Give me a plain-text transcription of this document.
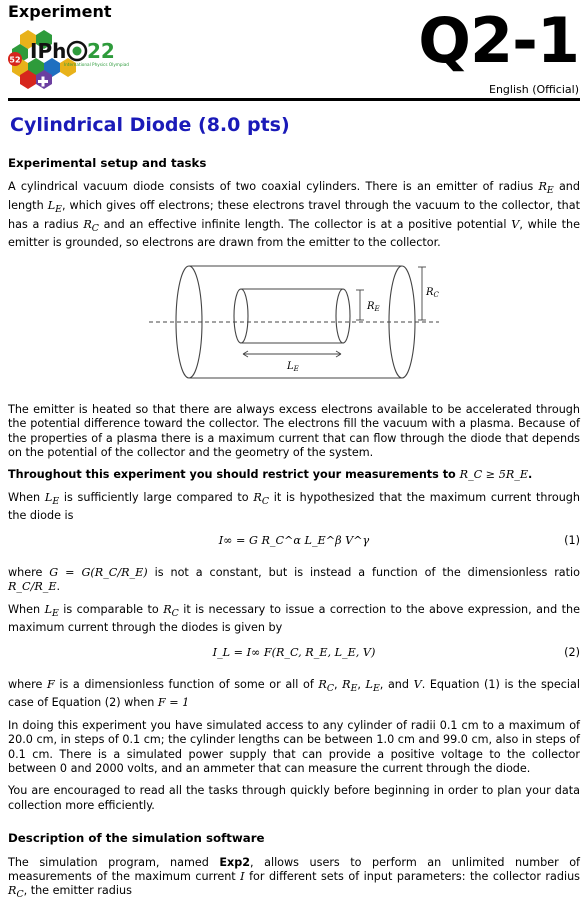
Experiment
52 IPh 22
International Physics Olympiad	Q2-1
English (Official)
Cylindrical Diode (8.0 pts)
Experimental setup and tasks

A cylindrical vacuum diode consists of two coaxial cylinders. There is an emitter of radius $R_E$ and length $L_E$, which gives off electrons; these electrons travel through the vacuum to the collector, that has a radius $R_C$ and an effective infinite length. The collector is at a positive potential V, while the emitter is grounded, so electrons are drawn from the emitter to the collector.

$R_E$
$R_C$
$L_E$

The emitter is heated so that there are always excess electrons available to be accelerated through the potential difference toward the collector. The electrons fill the vacuum with a plasma. Because of the properties of a plasma there is a maximum current that can flow through the diode that depends on the potential of the collector and the geometry of the system.

Throughout this experiment you should restrict your measurements to R_C ≥ 5R_E.

When $L_E$ is sufficiently large compared to $R_C$ it is hypothesized that the maximum current through the diode is

I∞ = G R_C^α L_E^β V^γ	(1)

where G = G(R_C/R_E) is not a constant, but is instead a function of the dimensionless ratio R_C/R_E.

When $L_E$ is comparable to $R_C$ it is necessary to issue a correction to the above expression, and the maximum current through the diodes is given by

I_L = I∞ F(R_C, R_E, L_E, V)	(2)

where F is a dimensionless function of some or all of $R_C$, $R_E$, $L_E$, and V. Equation (1) is the special case of Equation (2) when F = 1

In doing this experiment you have simulated access to any cylinder of radii 0.1 cm to a maximum of 20.0 cm, in steps of 0.1 cm; the cylinder lengths can be between 1.0 cm and 99.0 cm, also in steps of 0.1 cm. There is a simulated power supply that can provide a positive voltage to the collector between 0 and 2000 volts, and an ammeter that can measure the current through the diode.

You are encouraged to read all the tasks through quickly before beginning in order to plan your data collection more efficiently.

Description of the simulation software

The simulation program, named Exp2, allows users to perform an unlimited number of measurements of the maximum current I for different sets of input parameters: the collector radius $R_C$, the emitter radius
